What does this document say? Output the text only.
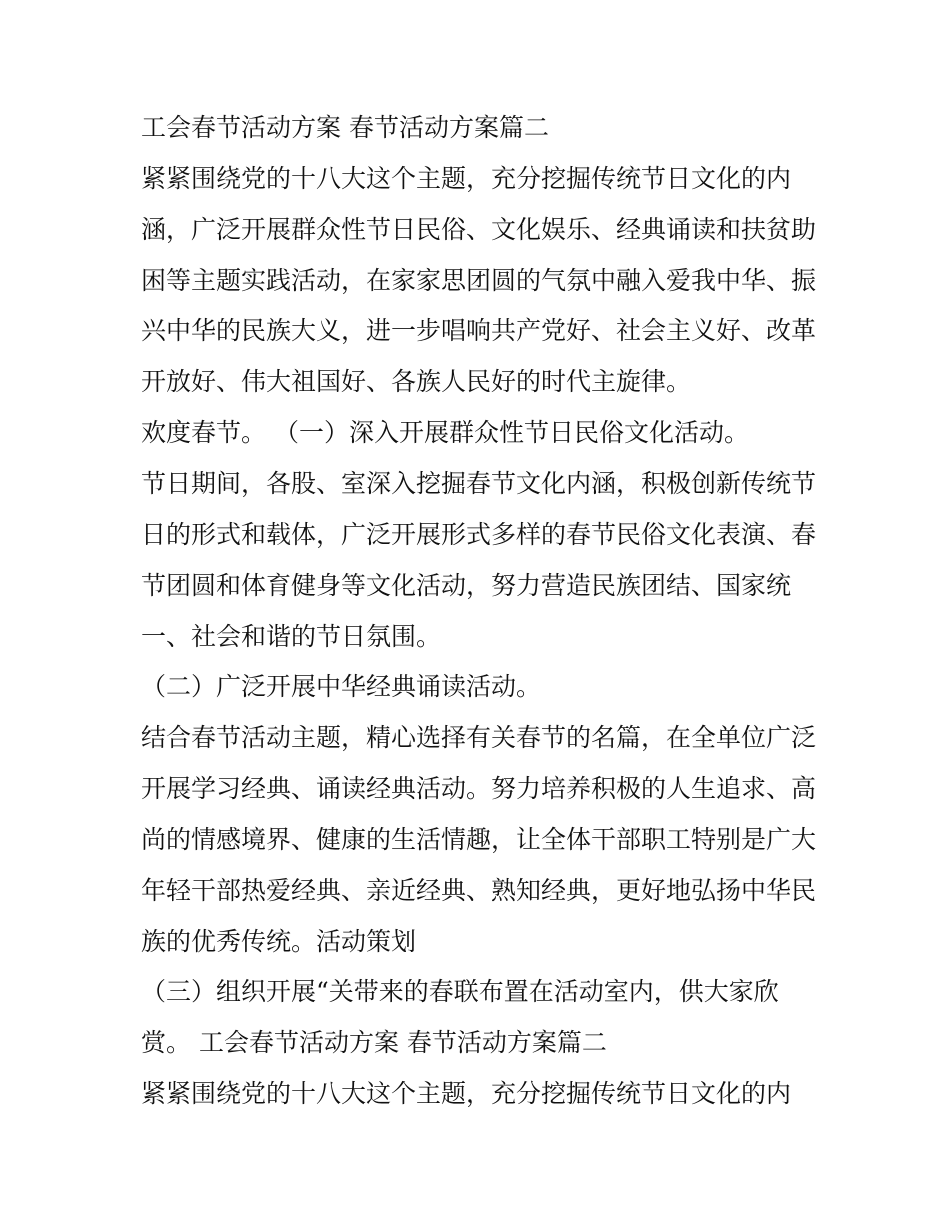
工会春节活动方案 春节活动方案篇二
紧紧围绕党的十八大这个主题，充分挖掘传统节日文化的内
涵，广泛开展群众性节日民俗、文化娱乐、经典诵读和扶贫助
困等主题实践活动，在家家思团圆的气氛中融入爱我中华、振
兴中华的民族大义，进一步唱响共产党好、社会主义好、改革
开放好、伟大祖国好、各族人民好的时代主旋律。
欢度春节。 （一）深入开展群众性节日民俗文化活动。
节日期间，各股、室深入挖掘春节文化内涵，积极创新传统节
日的形式和载体，广泛开展形式多样的春节民俗文化表演、春
节团圆和体育健身等文化活动，努力营造民族团结、国家统
一、社会和谐的节日氛围。
（二）广泛开展中华经典诵读活动。
结合春节活动主题，精心选择有关春节的名篇，在全单位广泛
开展学习经典、诵读经典活动。努力培养积极的人生追求、高
尚的情感境界、健康的生活情趣，让全体干部职工特别是广大
年轻干部热爱经典、亲近经典、熟知经典，更好地弘扬中华民
族的优秀传统。活动策划
（三）组织开展“关带来的春联布置在活动室内，供大家欣
赏。 工会春节活动方案 春节活动方案篇二
紧紧围绕党的十八大这个主题，充分挖掘传统节日文化的内
